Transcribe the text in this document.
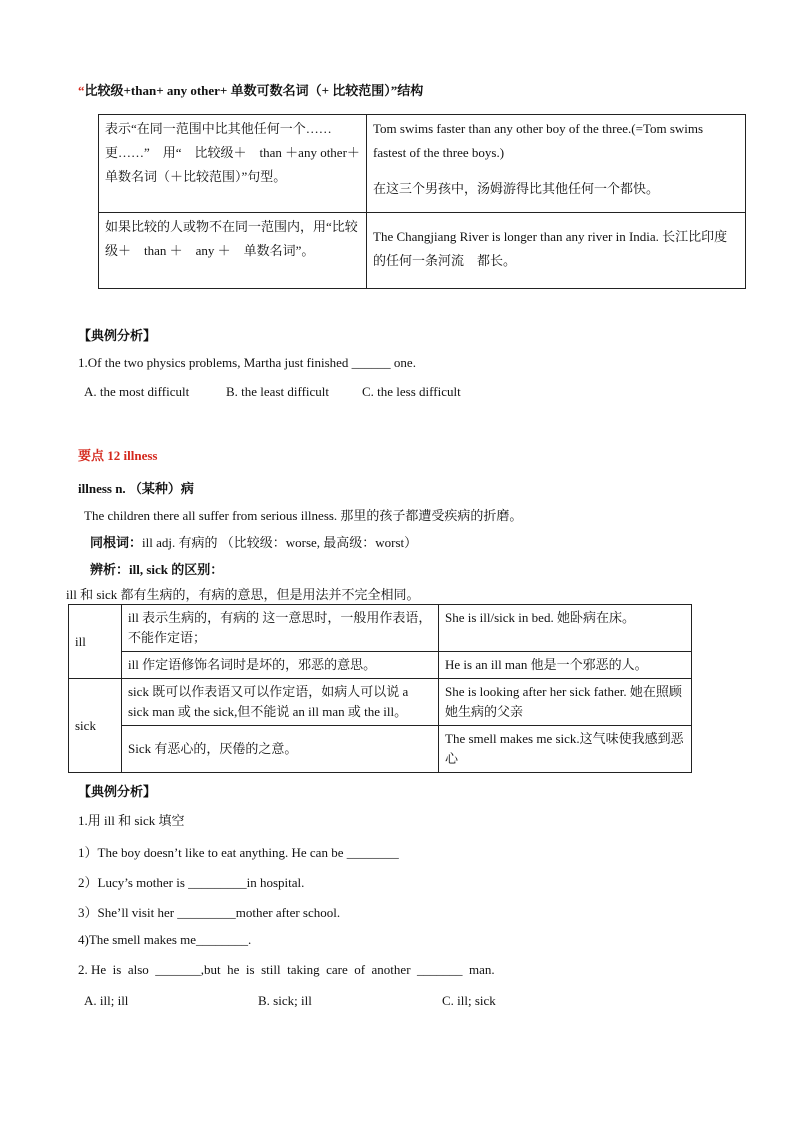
“比较级+than+ any other+ 单数可数名词（+ 比较范围）”结构
表示“在同一范围中比其他任何一个……更……”　用“　比较级＋　than ＋any other＋单数名词（＋比较范围）”句型。	Tom swims faster than any other boy of the three.(=Tom swims fastest of the three boys.)
在这三个男孩中，汤姆游得比其他任何一个都快。

如果比较的人或物不在同一范围内，用“比较级＋　than ＋　any ＋　单数名词”。	The Changjiang River is longer than any river in India. 长江比印度的任何一条河流　都长。
【典例分析】
1.Of the two physics problems, Martha just finished ______ one.
A. the most difficult	B. the least difficult	C. the less difficult
要点 12 illness
illness n. （某种）病
The children there all suffer from serious illness. 那里的孩子都遭受疾病的折磨。
同根词：ill adj. 有病的 （比较级：worse, 最高级：worst）
辨析：ill, sick 的区别：
ill 和 sick 都有生病的，有病的意思，但是用法并不完全相同。
ill	ill 表示生病的，有病的 这一意思时，一般用作表语，不能作定语；	She is ill/sick in bed. 她卧病在床。
	ill 作定语修饰名词时是坏的，邪恶的意思。	He is an ill man 他是一个邪恶的人。
sick	sick 既可以作表语又可以作定语，如病人可以说 a sick man 或 the sick,但不能说 an ill man 或 the ill。	She is looking after her sick father. 她在照顾她生病的父亲
	Sick 有恶心的，厌倦的之意。	The smell makes me sick.这气味使我感到恶心
【典例分析】
1.用 ill 和 sick 填空
1）The boy doesn’t like to eat anything. He can be ________
2）Lucy’s mother is _________in hospital.
3）She’ll visit her _________mother after school.
4)The smell makes me________.
2. He  is  also  _______,but  he  is  still  taking  care  of  another  _______  man.
A. ill; ill	B. sick; ill	C. ill; sick
